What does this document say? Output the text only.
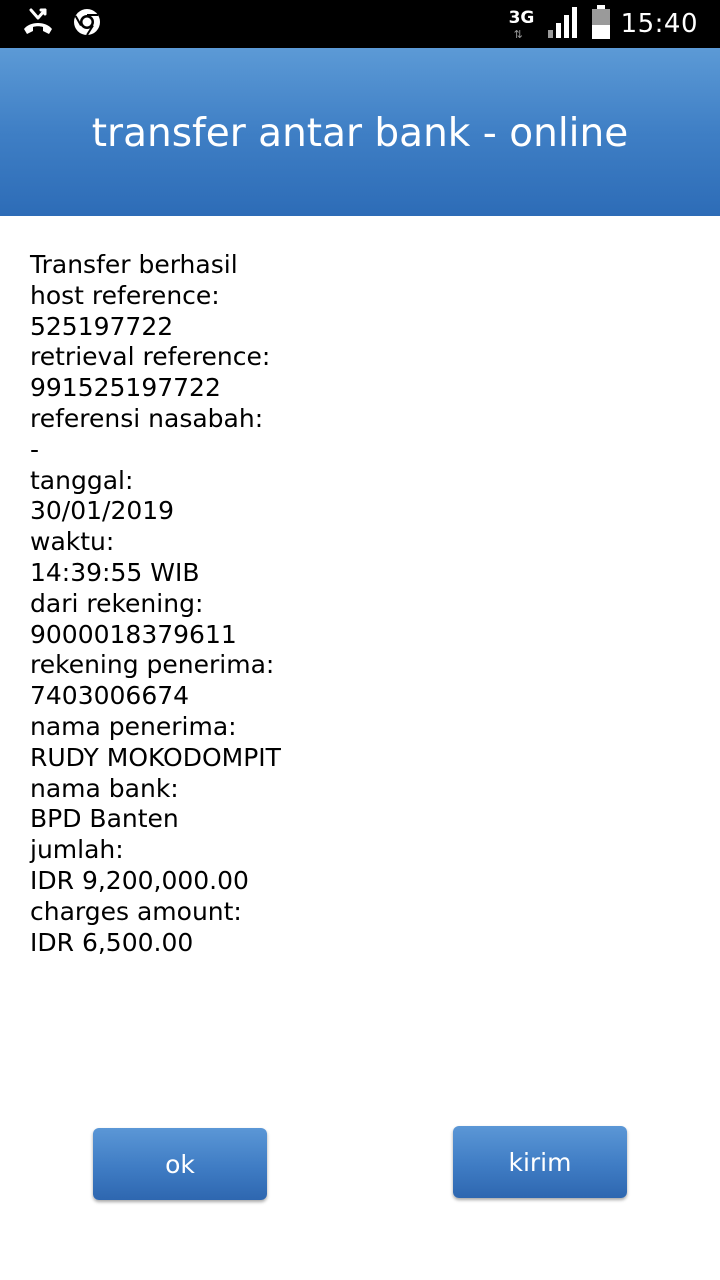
3G
⇅	15:40
transfer antar bank - online
Transfer berhasil
host reference:
525197722
retrieval reference:
991525197722
referensi nasabah:
-
tanggal:
30/01/2019
waktu:
14:39:55 WIB
dari rekening:
9000018379611
rekening penerima:
7403006674
nama penerima:
RUDY MOKODOMPIT
nama bank:
BPD Banten
jumlah:
IDR 9,200,000.00
charges amount:
IDR 6,500.00
ok	kirim
